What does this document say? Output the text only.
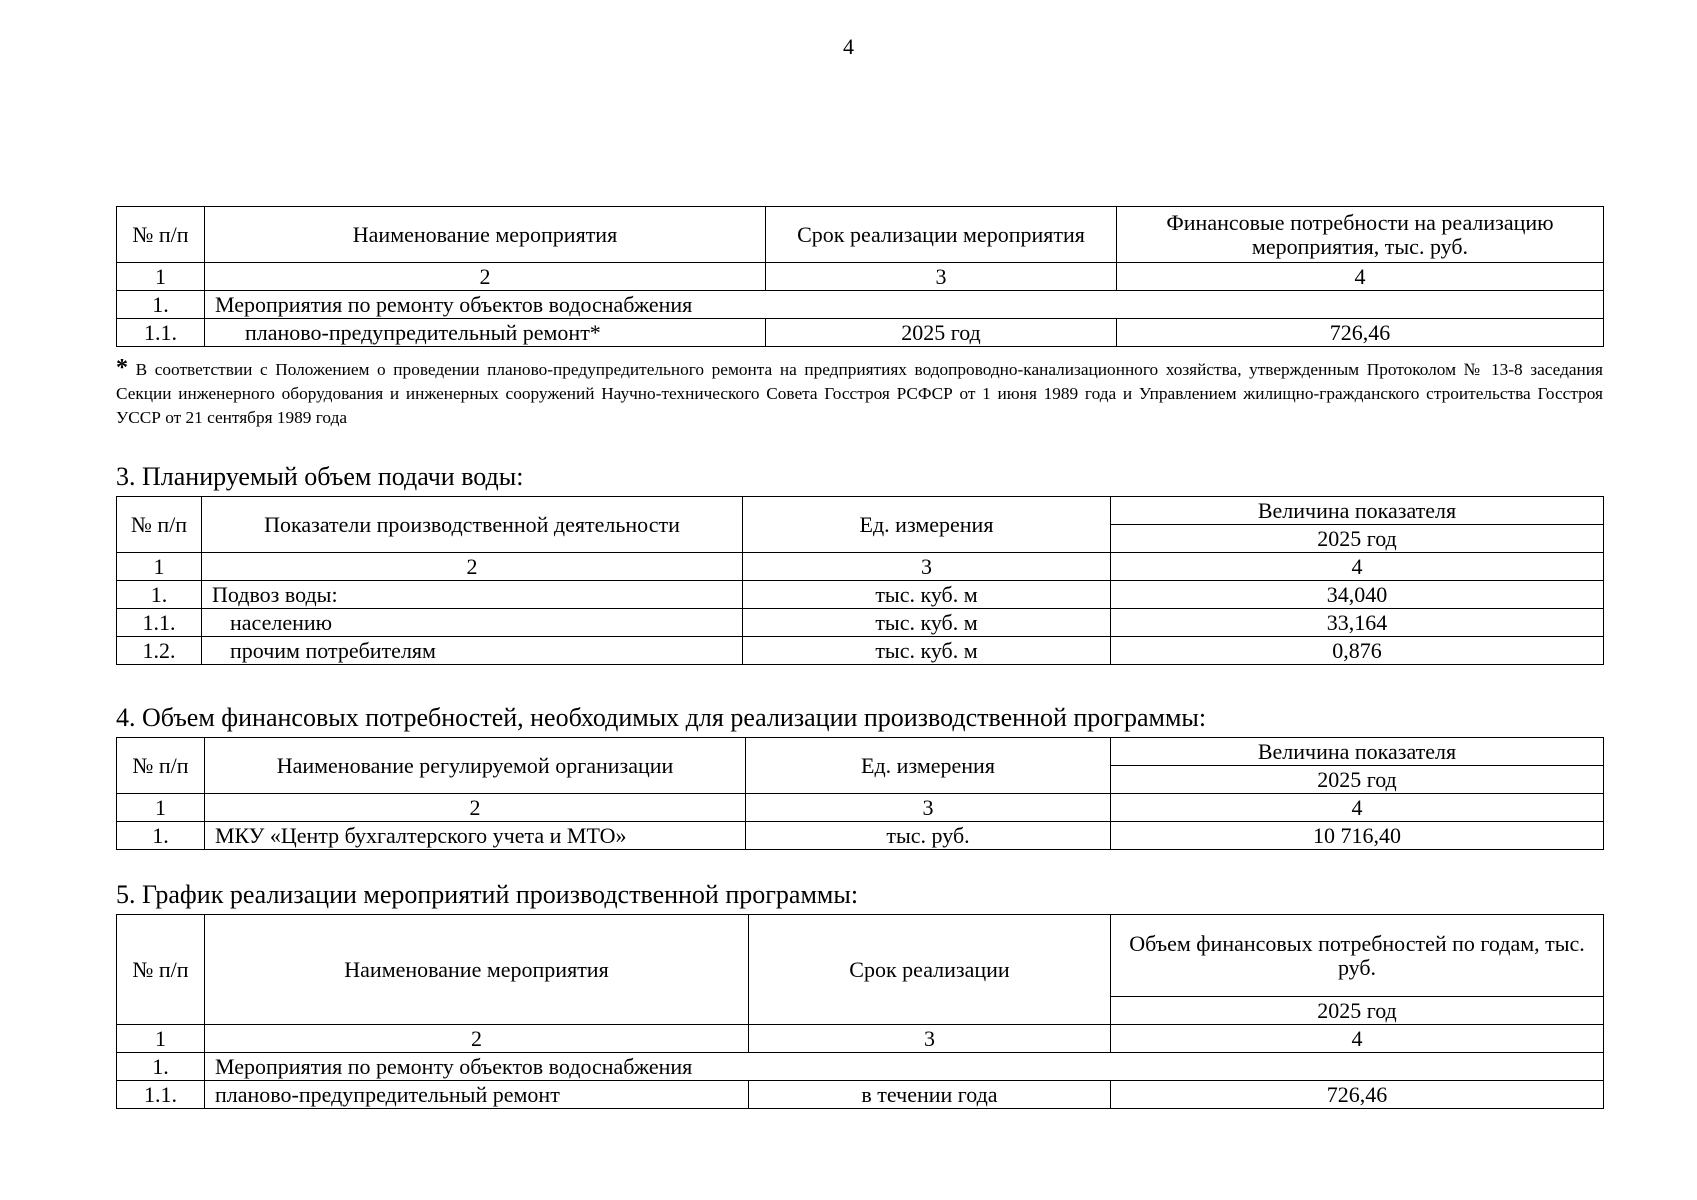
4
№ п/п	Наименование мероприятия	Срок реализации мероприятия	Финансовые потребности на реализацию мероприятия, тыс. руб.
1	2	3	4
1.	Мероприятия по ремонту объектов водоснабжения		
1.1.	планово-предупредительный ремонт*	2025 год	726,46
* В соответствии с Положением о проведении планово-предупредительного ремонта на предприятиях водопроводно-канализационного хозяйства, утвержденным Протоколом № 13-8 заседания Секции инженерного оборудования и инженерных сооружений Научно-технического Совета Госстроя РСФСР от 1 июня 1989 года и Управлением жилищно-гражданского строительства Госстроя УССР от 21 сентября 1989 года
3. Планируемый объем подачи воды:
№ п/п	Показатели производственной деятельности	Ед. измерения	Величина показателя
			2025 год
1	2	3	4
1.	Подвоз воды:	тыс. куб. м	34,040
1.1.	населению	тыс. куб. м	33,164
1.2.	прочим потребителям	тыс. куб. м	0,876
4. Объем финансовых потребностей, необходимых для реализации производственной программы:
№ п/п	Наименование регулируемой организации	Ед. измерения	Величина показателя
			2025 год
1	2	3	4
1.	МКУ «Центр бухгалтерского учета и МТО»	тыс. руб.	10 716,40
5. График реализации мероприятий производственной программы:
№ п/п	Наименование мероприятия	Срок реализации	Объем финансовых потребностей по годам, тыс. руб.
			2025 год
1	2	3	4
1.	Мероприятия по ремонту объектов водоснабжения		
1.1.	планово-предупредительный ремонт	в течении года	726,46
